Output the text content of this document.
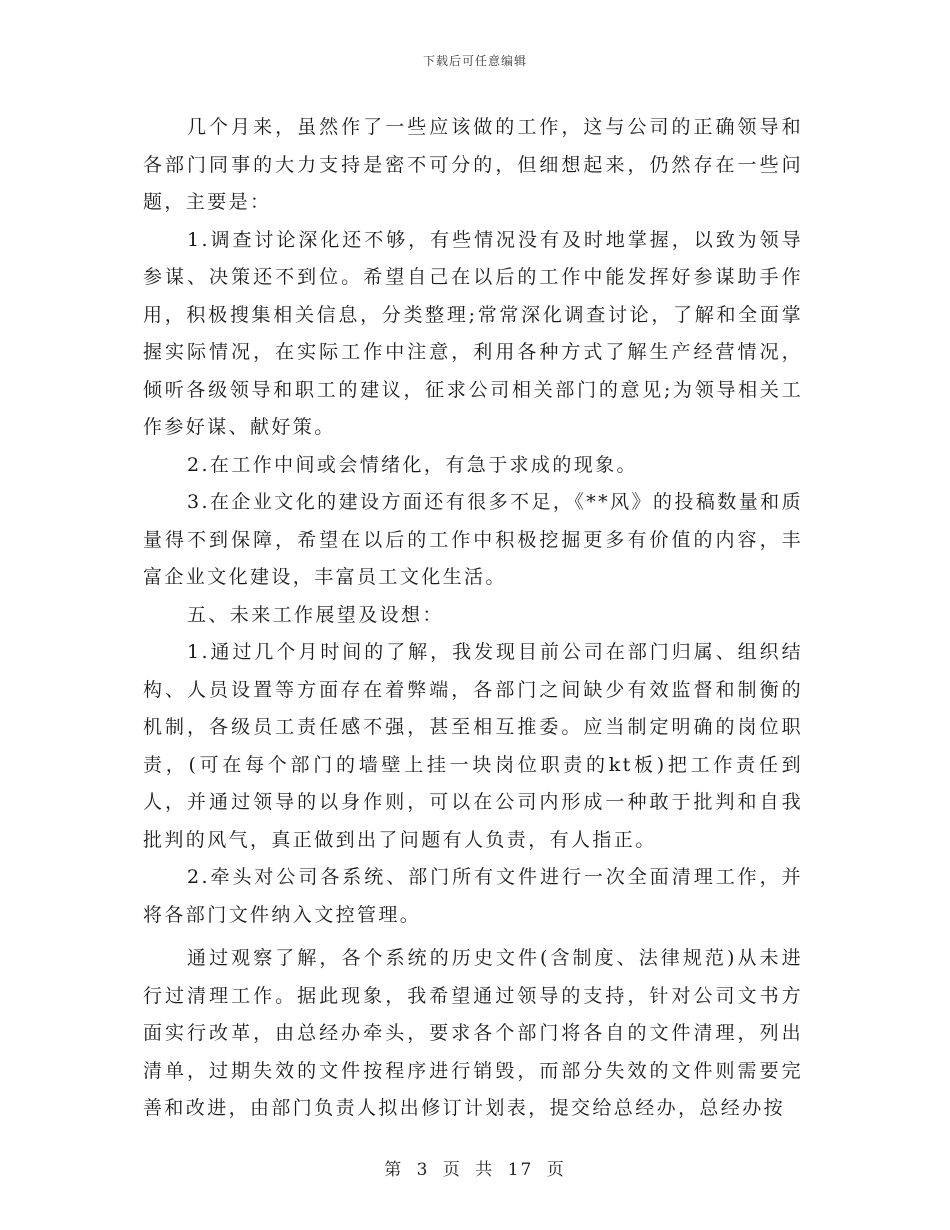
下载后可任意编辑

几个月来，虽然作了一些应该做的工作，这与公司的正确领导和各部门同事的大力支持是密不可分的，但细想起来，仍然存在一些问题，主要是：

1.调查讨论深化还不够，有些情况没有及时地掌握，以致为领导参谋、决策还不到位。希望自己在以后的工作中能发挥好参谋助手作用，积极搜集相关信息，分类整理;常常深化调查讨论，了解和全面掌握实际情况，在实际工作中注意，利用各种方式了解生产经营情况，倾听各级领导和职工的建议，征求公司相关部门的意见;为领导相关工作参好谋、献好策。

2.在工作中间或会情绪化，有急于求成的现象。

3.在企业文化的建设方面还有很多不足，《**风》的投稿数量和质量得不到保障，希望在以后的工作中积极挖掘更多有价值的内容，丰富企业文化建设，丰富员工文化生活。

五、未来工作展望及设想：

1.通过几个月时间的了解，我发现目前公司在部门归属、组织结构、人员设置等方面存在着弊端，各部门之间缺少有效监督和制衡的机制，各级员工责任感不强，甚至相互推委。应当制定明确的岗位职责，(可在每个部门的墙壁上挂一块岗位职责的kt板)把工作责任到人，并通过领导的以身作则，可以在公司内形成一种敢于批判和自我批判的风气，真正做到出了问题有人负责，有人指正。

2.牵头对公司各系统、部门所有文件进行一次全面清理工作，并将各部门文件纳入文控管理。

通过观察了解，各个系统的历史文件(含制度、法律规范)从未进行过清理工作。据此现象，我希望通过领导的支持，针对公司文书方面实行改革，由总经办牵头，要求各个部门将各自的文件清理，列出清单，过期失效的文件按程序进行销毁，而部分失效的文件则需要完善和改进，由部门负责人拟出修订计划表，提交给总经办，总经办按

第 3 页 共 17 页
